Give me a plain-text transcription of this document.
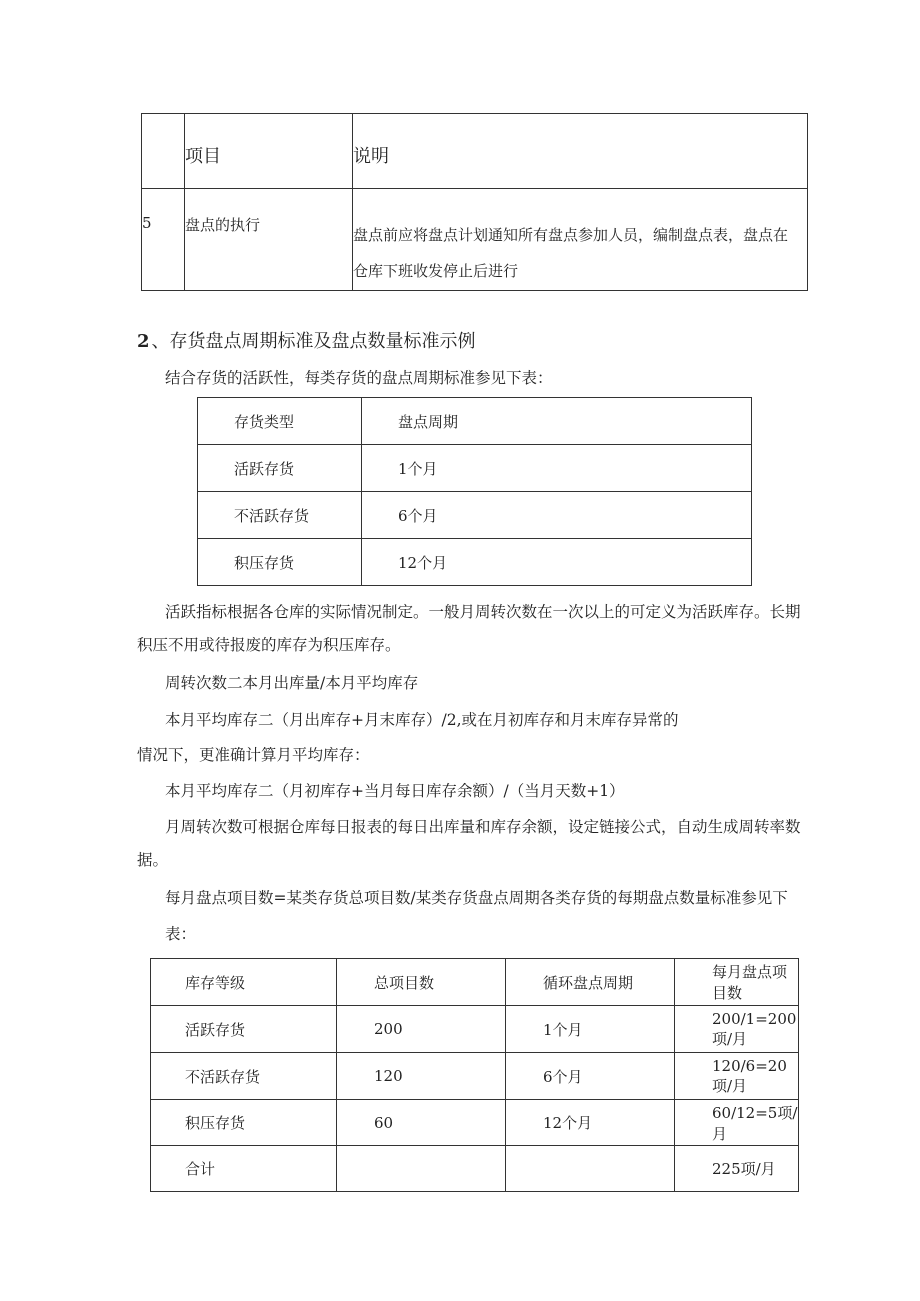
	项目	说明
5	盘点的执行	盘点前应将盘点计划通知所有盘点参加人员，编制盘点表，盘点在
仓库下班收发停止后进行
2 、存货盘点周期标准及盘点数量标准示例
结合存货的活跃性，每类存货的盘点周期标准参见下表：
存货类型	盘点周期
活跃存货	1个月
不活跃存货	6个月
积压存货	12个月
活跃指标根据各仓库的实际情况制定。一般月周转次数在一次以上的可定义为活跃库存。长期
积压不用或待报废的库存为积压库存。
周转次数二本月出库量/本月平均库存
本月平均库存二（月出库存+月末库存）/2,或在月初库存和月末库存异常的
情况下，更准确计算月平均库存：
本月平均库存二（月初库存+当月每日库存余额）/（当月天数+1）
月周转次数可根据仓库每日报表的每日出库量和库存余额，设定链接公式，自动生成周转率数
据。
每月盘点项目数=某类存货总项目数/某类存货盘点周期各类存货的每期盘点数量标准参见下
表：
库存等级	总项目数	循环盘点周期	每月盘点项目数
活跃存货	200	1个月	200/1=200项/月
不活跃存货	120	6个月	120/6=20项/月
积压存货	60	12个月	60/12=5项/月
合计			225项/月
